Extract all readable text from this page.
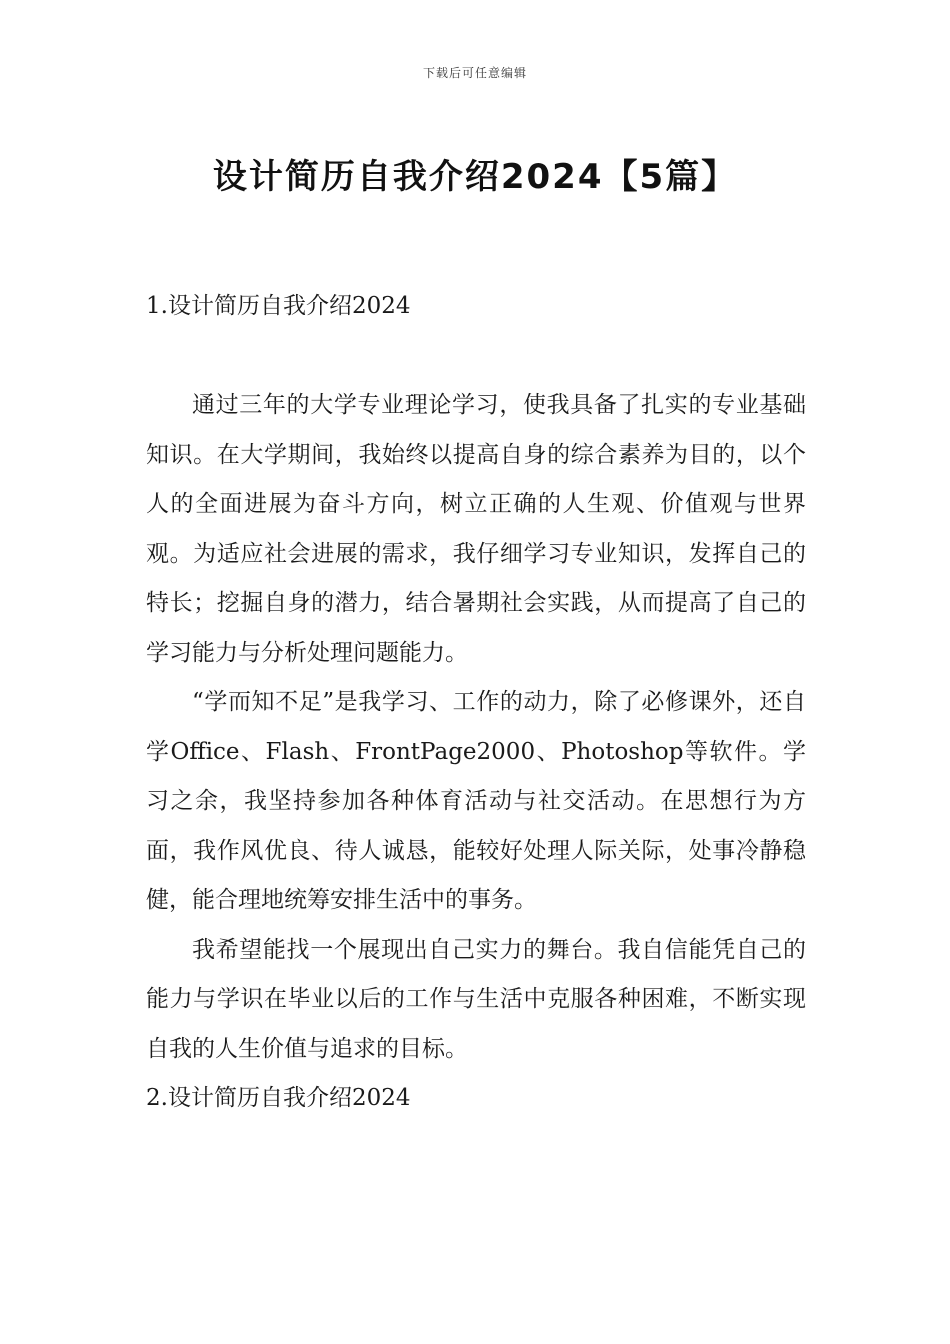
下载后可任意编辑
设计简历自我介绍2024【5篇】
1.设计简历自我介绍2024

通过三年的大学专业理论学习，使我具备了扎实的专业基础知识。在大学期间，我始终以提高自身的综合素养为目的，以个人的全面进展为奋斗方向，树立正确的人生观、价值观与世界观。为适应社会进展的需求，我仔细学习专业知识，发挥自己的特长；挖掘自身的潜力，结合暑期社会实践，从而提高了自己的学习能力与分析处理问题能力。

“学而知不足”是我学习、工作的动力，除了必修课外，还自学Office、Flash、FrontPage2000、Photoshop等软件。学习之余，我坚持参加各种体育活动与社交活动。在思想行为方面，我作风优良、待人诚恳，能较好处理人际关际，处事冷静稳健，能合理地统筹安排生活中的事务。

我希望能找一个展现出自己实力的舞台。我自信能凭自己的能力与学识在毕业以后的工作与生活中克服各种困难，不断实现自我的人生价值与追求的目标。

2.设计简历自我介绍2024
